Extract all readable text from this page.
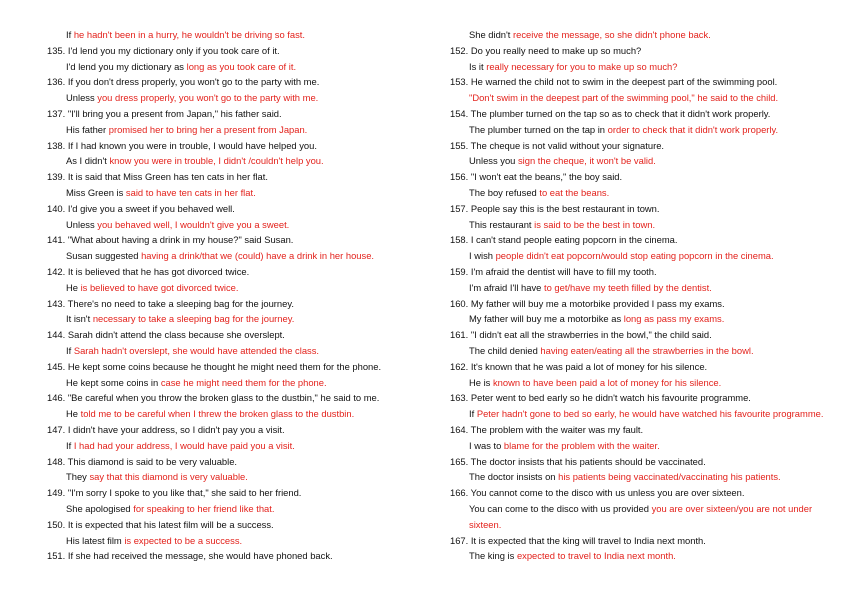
If he hadn't been in a hurry, he wouldn't be driving so fast.
135. I'd lend you my dictionary only if you took care of it.
I'd lend you my dictionary as long as you took care of it.
136. If you don't dress properly, you won't go to the party with me.
Unless you dress properly, you won't go to the party with me.
137. "I'll bring you a present from Japan," his father said.
His father promised her to bring her a present from Japan.
138. If I had known you were in trouble, I would have helped you.
As I didn't know you were in trouble, I didn't /couldn't help you.
139. It is said that Miss Green has ten cats in her flat.
Miss Green is said to have ten cats in her flat.
140. I'd give you a sweet if you behaved well.
Unless you behaved well, I wouldn't give you a sweet.
141. "What about having a drink in my house?" said Susan.
Susan suggested having a drink/that we (could) have a drink in her house.
142. It is believed that he has got divorced twice.
He is believed to have got divorced twice.
143. There's no need to take a sleeping bag for the journey.
It isn't necessary to take a sleeping bag for the journey.
144. Sarah didn't attend the class because she overslept.
If Sarah hadn't overslept, she would have attended the class.
145. He kept some coins because he thought he might need them for the phone.
He kept some coins in case he might need them for the phone.
146. "Be careful when you throw the broken glass to the dustbin," he said to me.
He told me to be careful when I threw the broken glass to the dustbin.
147. I didn't have your address, so I didn't pay you a visit.
If I had had your address, I would have paid you a visit.
148. This diamond is said to be very valuable.
They say that this diamond is very valuable.
149. "I'm sorry I spoke to you like that," she said to her friend.
She apologised for speaking to her friend like that.
150. It is expected that his latest film will be a success.
His latest film is expected to be a success.
151. If she had received the message, she would have phoned back.
She didn't receive the message, so she didn't phone back.
152. Do you really need to make up so much?
Is it really necessary for you to make up so much?
153. He warned the child not to swim in the deepest part of the swimming pool.
"Don't swim in the deepest part of the swimming pool," he said to the child.
154. The plumber turned on the tap so as to check that it didn't work properly.
The plumber turned on the tap in order to check that it didn't work properly.
155. The cheque is not valid without your signature.
Unless you sign the cheque, it won't be valid.
156. "I won't eat the beans," the boy said.
The boy refused to eat the beans.
157. People say this is the best restaurant in town.
This restaurant is said to be the best in town.
158. I can't stand people eating popcorn in the cinema.
I wish people didn't eat popcorn/would stop eating popcorn in the cinema.
159. I'm afraid the dentist will have to fill my tooth.
I'm afraid I'll have to get/have my teeth filled by the dentist.
160. My father will buy me a motorbike provided I pass my exams.
My father will buy me a motorbike as long as pass my exams.
161. "I didn't eat all the strawberries in the bowl," the child said.
The child denied having eaten/eating all the strawberries in the bowl.
162. It's known that he was paid a lot of money for his silence.
He is known to have been paid a lot of money for his silence.
163. Peter went to bed early so he didn't watch his favourite programme.
If Peter hadn't gone to bed so early, he would have watched his favourite programme.
164. The problem with the waiter was my fault.
I was to blame for the problem with the waiter.
165. The doctor insists that his patients should be vaccinated.
The doctor insists on his patients being vaccinated/vaccinating his patients.
166. You cannot come to the disco with us unless you are over sixteen.
You can come to the disco with us provided you are over sixteen/you are not under
sixteen.
167. It is expected that the king will travel to India next month.
The king is expected to travel to India next month.
